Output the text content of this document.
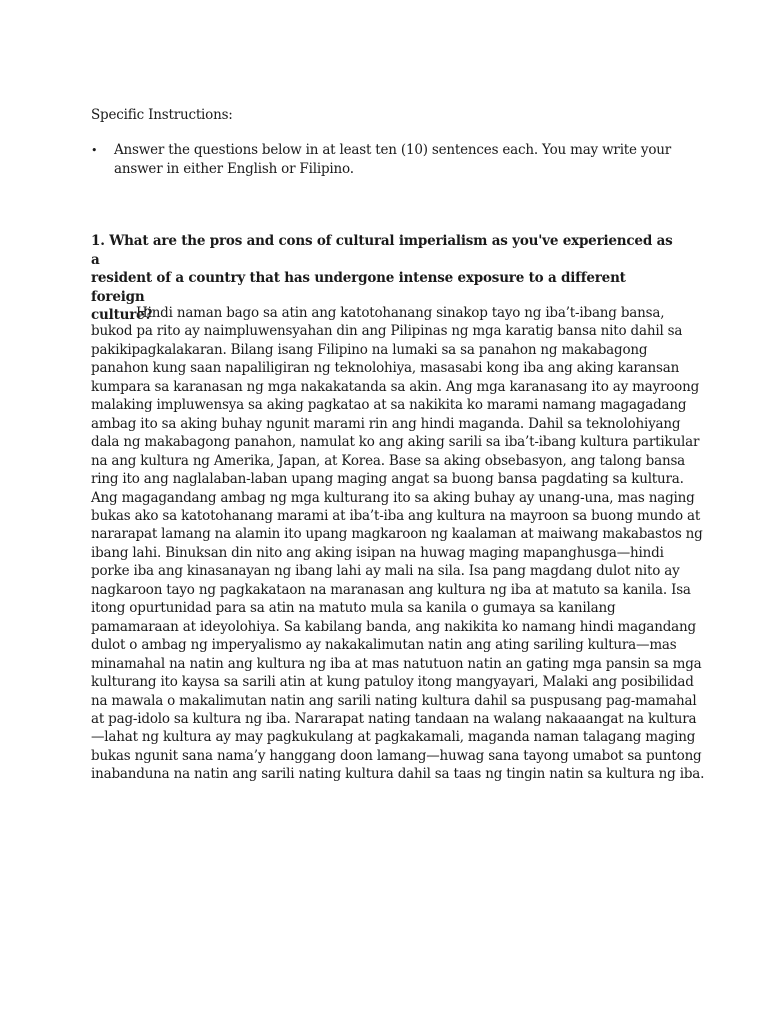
Specific Instructions:
• Answer the questions below in at least ten (10) sentences each. You may write your
answer in either English or Filipino.
1. What are the pros and cons of cultural imperialism as you've experienced as a
resident of a country that has undergone intense exposure to a different foreign
culture?
Hindi naman bago sa atin ang katotohanang sinakop tayo ng iba’t-ibang bansa,
bukod pa rito ay naimpluwensyahan din ang Pilipinas ng mga karatig bansa nito dahil sa
pakikipagkalakaran. Bilang isang Filipino na lumaki sa sa panahon ng makabagong
panahon kung saan napaliligiran ng teknolohiya, masasabi kong iba ang aking karansan
kumpara sa karanasan ng mga nakakatanda sa akin. Ang mga karanasang ito ay mayroong
malaking impluwensya sa aking pagkatao at sa nakikita ko marami namang magagadang
ambag ito sa aking buhay ngunit marami rin ang hindi maganda. Dahil sa teknolohiyang
dala ng makabagong panahon, namulat ko ang aking sarili sa iba’t-ibang kultura partikular
na ang kultura ng Amerika, Japan, at Korea. Base sa aking obsebasyon, ang talong bansa
ring ito ang naglalaban-laban upang maging angat sa buong bansa pagdating sa kultura.
Ang magagandang ambag ng mga kulturang ito sa aking buhay ay unang-una, mas naging
bukas ako sa katotohanang marami at iba’t-iba ang kultura na mayroon sa buong mundo at
nararapat lamang na alamin ito upang magkaroon ng kaalaman at maiwang makabastos ng
ibang lahi. Binuksan din nito ang aking isipan na huwag maging mapanghusga—hindi
porke iba ang kinasanayan ng ibang lahi ay mali na sila. Isa pang magdang dulot nito ay
nagkaroon tayo ng pagkakataon na maranasan ang kultura ng iba at matuto sa kanila. Isa
itong opurtunidad para sa atin na matuto mula sa kanila o gumaya sa kanilang
pamamaraan at ideyolohiya. Sa kabilang banda, ang nakikita ko namang hindi magandang
dulot o ambag ng imperyalismo ay nakakalimutan natin ang ating sariling kultura—mas
minamahal na natin ang kultura ng iba at mas natutuon natin an gating mga pansin sa mga
kulturang ito kaysa sa sarili atin at kung patuloy itong mangyayari, Malaki ang posibilidad
na mawala o makalimutan natin ang sarili nating kultura dahil sa puspusang pag-mamahal
at pag-idolo sa kultura ng iba. Nararapat nating tandaan na walang nakaaangat na kultura
—lahat ng kultura ay may pagkukulang at pagkakamali, maganda naman talagang maging
bukas ngunit sana nama’y hanggang doon lamang—huwag sana tayong umabot sa puntong
inabanduna na natin ang sarili nating kultura dahil sa taas ng tingin natin sa kultura ng iba.
